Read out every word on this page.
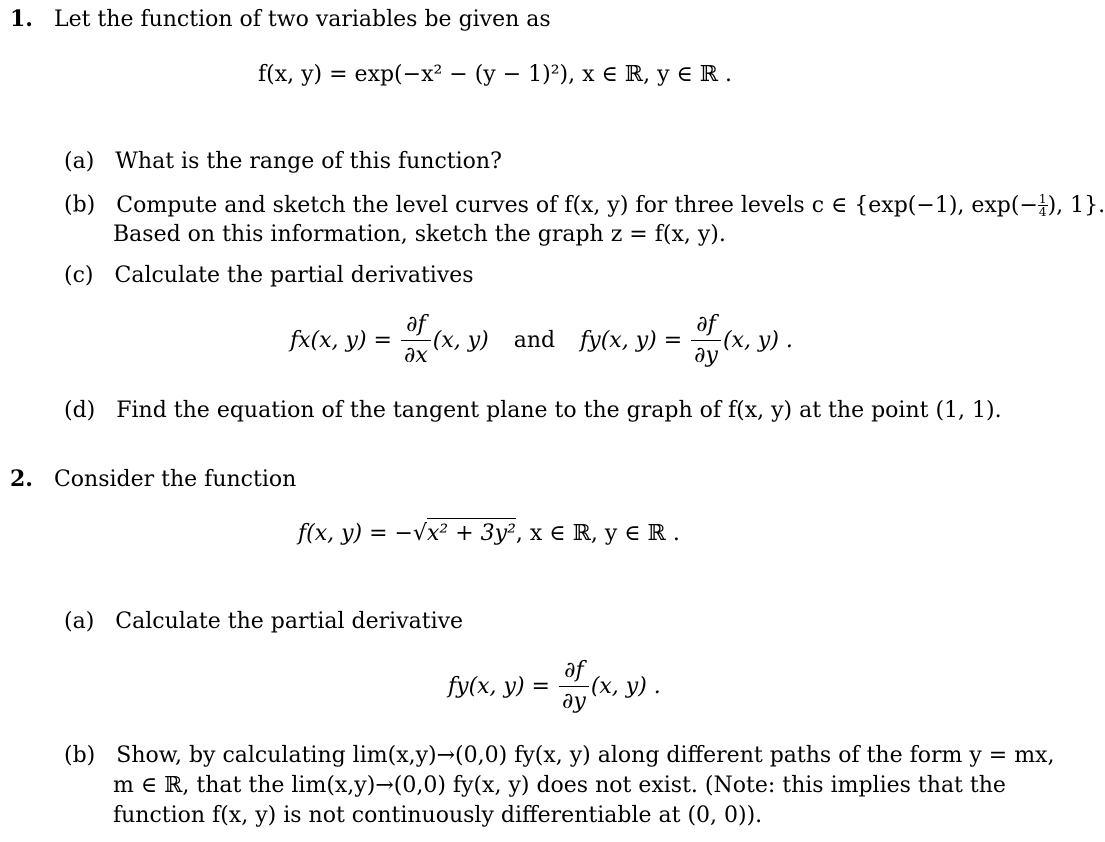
1. Let the function of two variables be given as
f(x, y) = exp(−x² − (y − 1)²), x ∈ ℝ, y ∈ ℝ .
(a) What is the range of this function?
(b) Compute and sketch the level curves of f(x, y) for three levels c ∈ {exp(−1), $\exp(- \frac{1}{4}$ ), 1}.
Based on this information, sketch the graph z = f(x, y).
(c) Calculate the partial derivatives
fx(x, $y) = \frac{\partial f}{\partial x} (x$, y) and fy(x, $y) = \frac{\partial f}{\partial y} (x$, y) .
(d) Find the equation of the tangent plane to the graph of f(x, y) at the point (1, 1).
2. Consider the function
f(x, y) = −√x² + 3y², x ∈ ℝ, y ∈ ℝ .
(a) Calculate the partial derivative
fy(x, $y) = \frac{\partial f}{\partial y} (x$, y) .
(b) Show, by calculating lim(x,y)→(0,0) fy(x, y) along different paths of the form y = mx,
m ∈ ℝ, that the lim(x,y)→(0,0) fy(x, y) does not exist. (Note: this implies that the
function f(x, y) is not continuously differentiable at (0, 0)).
